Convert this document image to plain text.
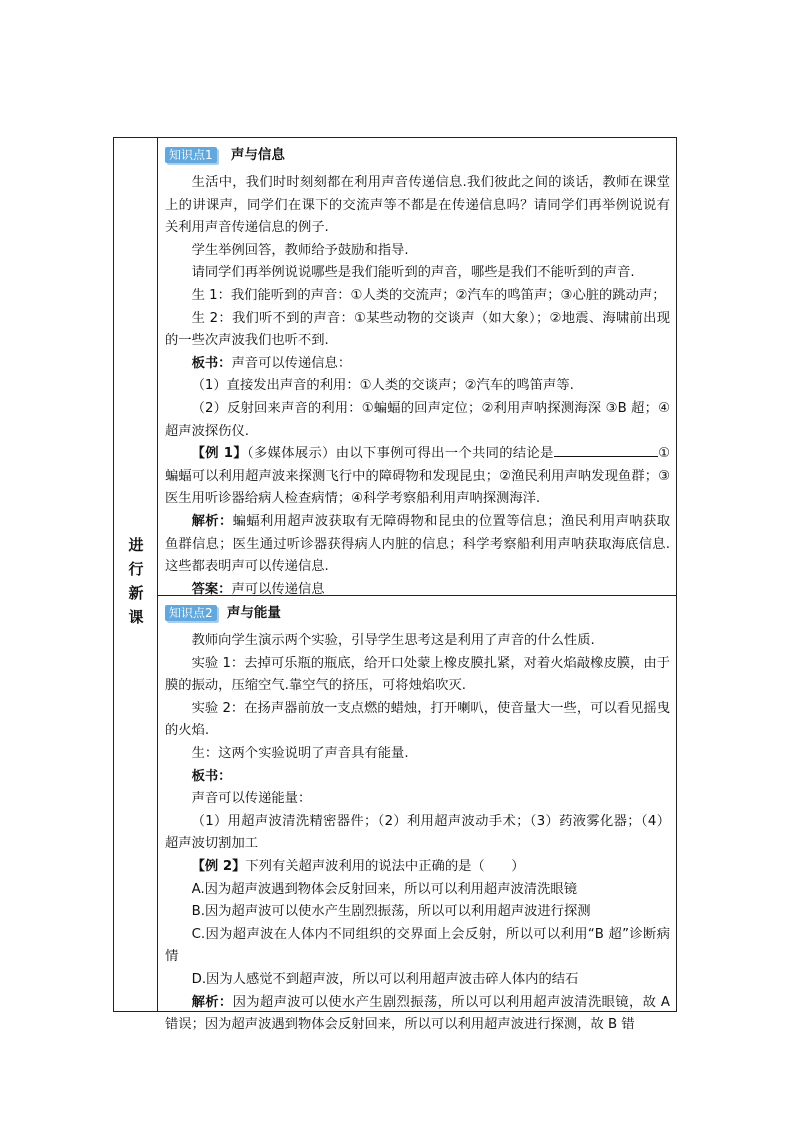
进
行
新
课
知识点1 声与信息

生活中，我们时时刻刻都在利用声音传递信息.我们彼此之间的谈话，教师在课堂上的讲课声，同学们在课下的交流声等不都是在传递信息吗？请同学们再举例说说有关利用声音传递信息的例子.

学生举例回答，教师给予鼓励和指导.

请同学们再举例说说哪些是我们能听到的声音，哪些是我们不能听到的声音.

生 1：我们能听到的声音：①人类的交流声；②汽车的鸣笛声；③心脏的跳动声；

生 2：我们听不到的声音：①某些动物的交谈声（如大象）；②地震、海啸前出现的一些次声波我们也听不到.

板书：声音可以传递信息：

（1）直接发出声音的利用：①人类的交谈声；②汽车的鸣笛声等.

（2）反射回来声音的利用：①蝙蝠的回声定位；②利用声呐探测海深 ③B 超；④超声波探伤仪.

【例 1】（多媒体展示）由以下事例可得出一个共同的结论是	①蝙蝠可以利用超声波来探测飞行中的障碍物和发现昆虫；②渔民利用声呐发现鱼群；③医生用听诊器给病人检查病情；④科学考察船利用声呐探测海洋.

解析：蝙蝠利用超声波获取有无障碍物和昆虫的位置等信息；渔民利用声呐获取鱼群信息；医生通过听诊器获得病人内脏的信息；科学考察船利用声呐获取海底信息.这些都表明声可以传递信息.

答案：声可以传递信息

知识点2 声与能量

教师向学生演示两个实验，引导学生思考这是利用了声音的什么性质.

实验 1：去掉可乐瓶的瓶底，给开口处蒙上橡皮膜扎紧，对着火焰敲橡皮膜，由于膜的振动，压缩空气.靠空气的挤压，可将烛焰吹灭.

实验 2：在扬声器前放一支点燃的蜡烛，打开喇叭，使音量大一些，可以看见摇曳的火焰.

生：这两个实验说明了声音具有能量.

板书：

声音可以传递能量：

（1）用超声波清洗精密器件；（2）利用超声波动手术；（3）药液雾化器；（4）超声波切割加工

【例 2】下列有关超声波利用的说法中正确的是（　　）

A.因为超声波遇到物体会反射回来，所以可以利用超声波清洗眼镜

B.因为超声波可以使水产生剧烈振荡，所以可以利用超声波进行探测

C.因为超声波在人体内不同组织的交界面上会反射，所以可以利用“B 超”诊断病情

D.因为人感觉不到超声波，所以可以利用超声波击碎人体内的结石

解析：因为超声波可以使水产生剧烈振荡，所以可以利用超声波清洗眼镜，故 A 错误；因为超声波遇到物体会反射回来，所以可以利用超声波进行探测，故 B 错
